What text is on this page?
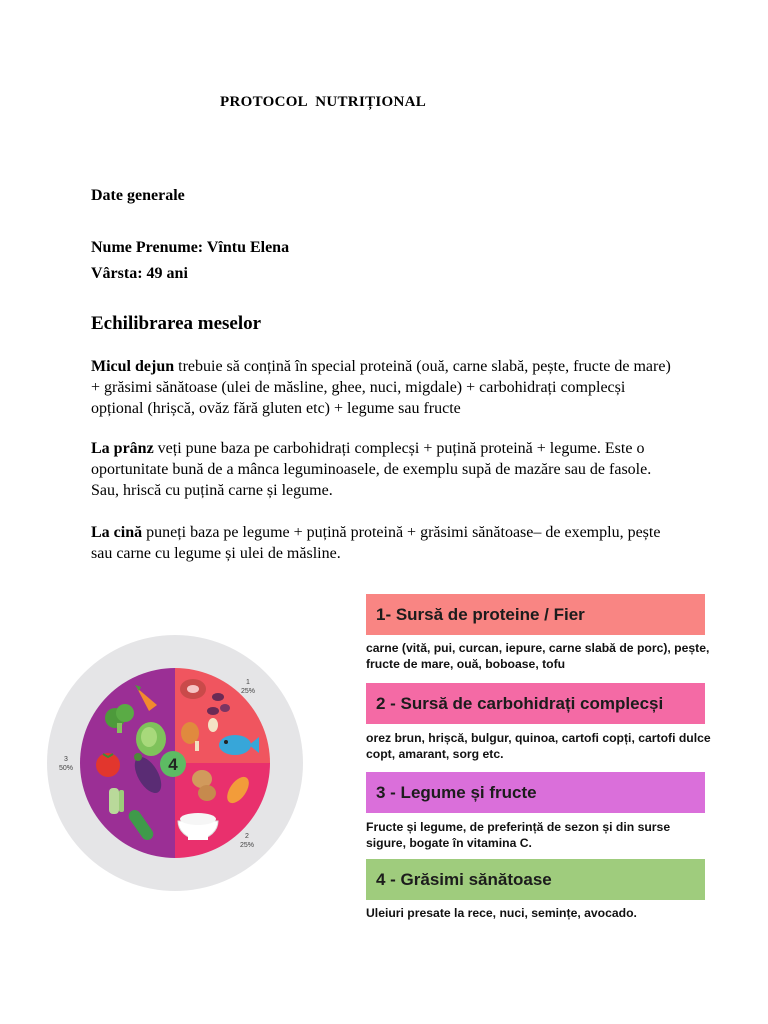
PROTOCOL  NUTRIȚIONAL
Date generale
Nume Prenume: Vîntu Elena
Vârsta: 49 ani
Echilibrarea meselor
Micul dejun trebuie să conțină în special proteină (ouă, carne slabă, pește, fructe de mare) + grăsimi sănătoase (ulei de măsline, ghee, nuci, migdale) + carbohidrați complecși opțional (hrișcă, ovăz fără gluten etc) + legume sau fructe
La prânz veți pune baza pe carbohidrați complecși + puțină proteină + legume. Este o oportunitate bună de a mânca leguminoasele, de exemplu supă de mazăre sau de fasole. Sau, hriscă cu puțină carne și legume.
La cină puneți baza pe legume + puțină proteină + grăsimi sănătoase– de exemplu, pește sau carne cu legume și ulei de măsline.
4
1
25%
2
25%
3
50%
1- Sursă de proteine / Fier
carne (vită, pui, curcan, iepure, carne slabă de porc), pește, fructe de mare, ouă, boboase, tofu
2 - Sursă de carbohidrați complecși
orez brun, hrișcă, bulgur, quinoa, cartofi copți, cartofi dulce copt, amarant, sorg etc.
3 - Legume și fructe
Fructe și legume, de preferință de sezon și din surse sigure, bogate în vitamina C.
4 - Grăsimi sănătoase
Uleiuri presate la rece, nuci, semințe, avocado.
